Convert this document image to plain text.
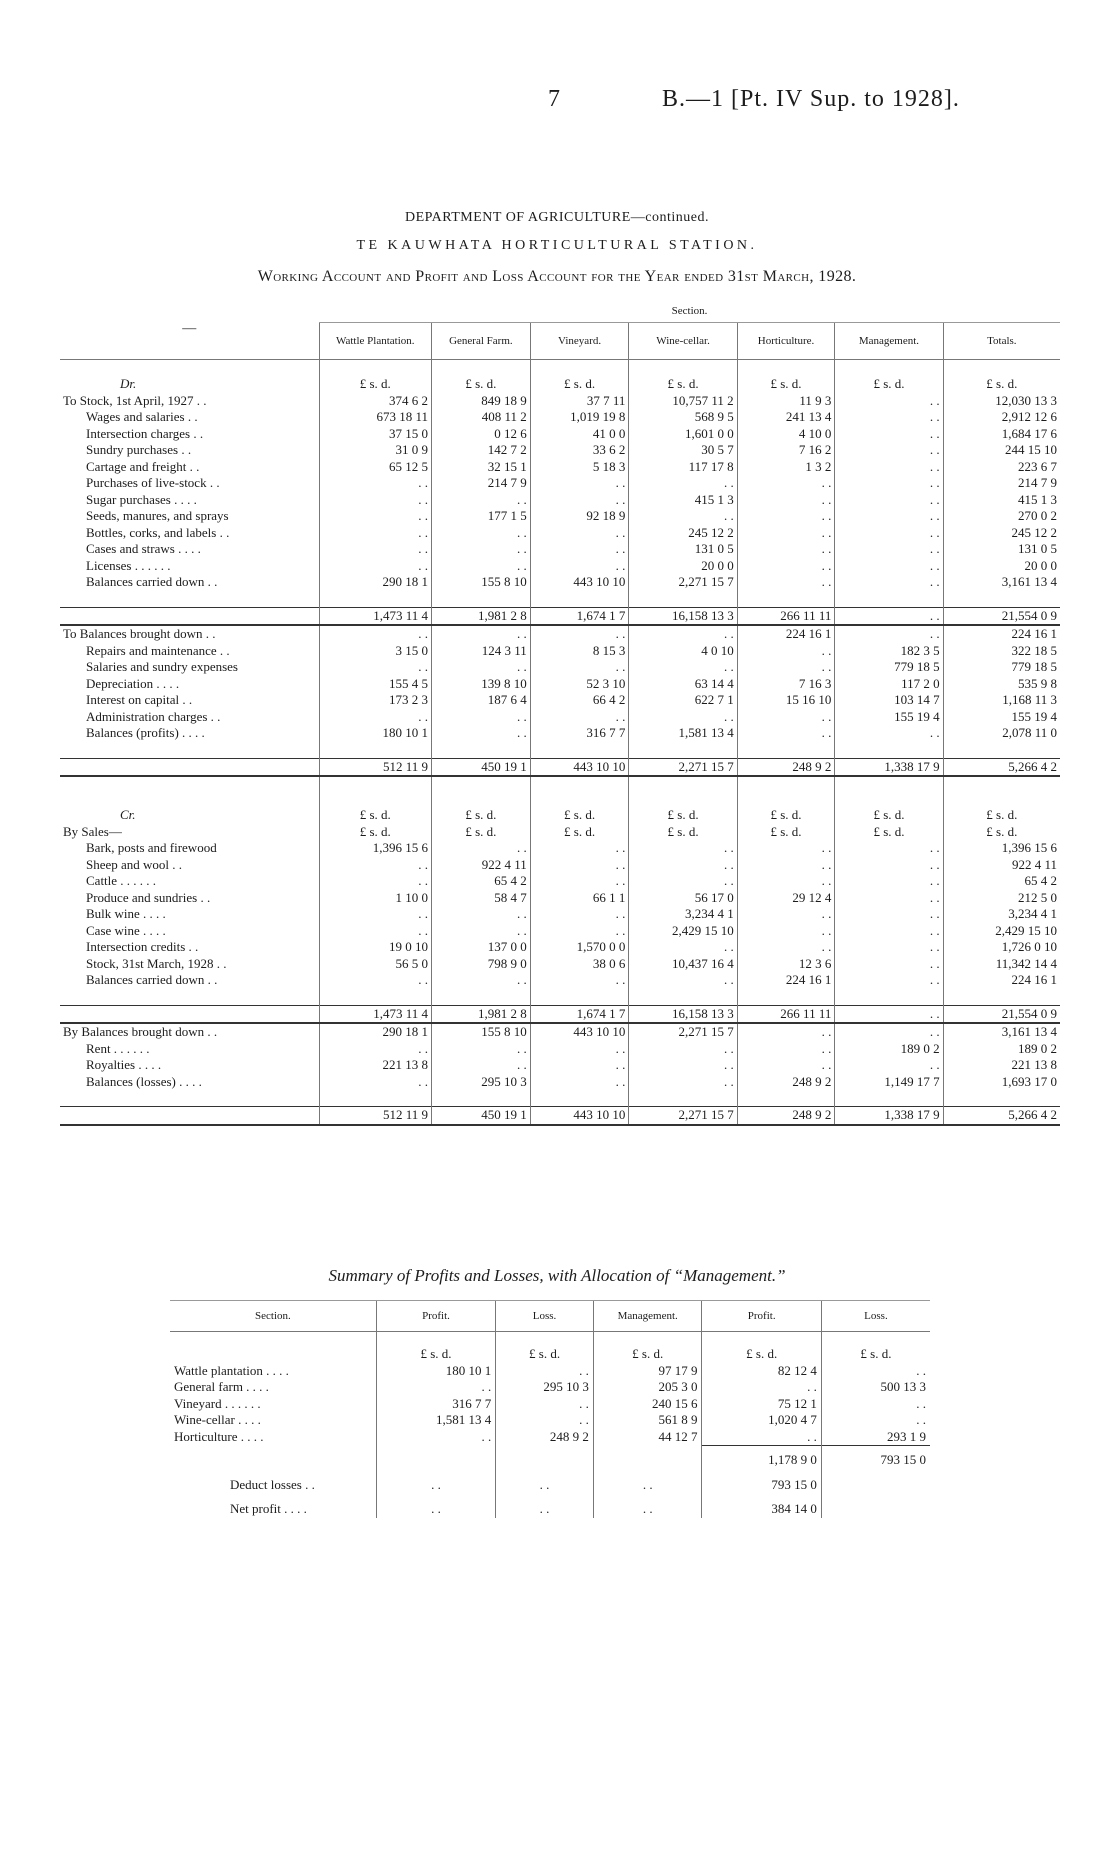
7	B.—1 [Pt. IV Sup. to 1928].
DEPARTMENT OF AGRICULTURE—continued.
TE KAUWHATA HORTICULTURAL STATION.
Working Account and Profit and Loss Account for the Year ended 31st March, 1928.
—	Section.						
	Wattle Plantation.	General Farm.	Vineyard.	Wine-cellar.	Horticulture.	Management.	Totals.

Dr.	£ s. d.	£ s. d.	£ s. d.	£ s. d.	£ s. d.	£ s. d.	£ s. d.
To Stock, 1st April, 1927 . .	374 6 2	849 18 9	37 7 11	10,757 11 2	11 9 3	. .	12,030 13 3
Wages and salaries . .	673 18 11	408 11 2	1,019 19 8	568 9 5	241 13 4	. .	2,912 12 6
Intersection charges . .	37 15 0	0 12 6	41 0 0	1,601 0 0	4 10 0	. .	1,684 17 6
Sundry purchases . .	31 0 9	142 7 2	33 6 2	30 5 7	7 16 2	. .	244 15 10
Cartage and freight . .	65 12 5	32 15 1	5 18 3	117 17 8	1 3 2	. .	223 6 7
Purchases of live-stock . .	. .	214 7 9	. .	. .	. .	. .	214 7 9
Sugar purchases . . . .	. .	. .	. .	415 1 3	. .	. .	415 1 3
Seeds, manures, and sprays	. .	177 1 5	92 18 9	. .	. .	. .	270 0 2
Bottles, corks, and labels . .	. .	. .	. .	245 12 2	. .	. .	245 12 2
Cases and straws . . . .	. .	. .	. .	131 0 5	. .	. .	131 0 5
Licenses . . . . . .	. .	. .	. .	20 0 0	. .	. .	20 0 0
Balances carried down . .	290 18 1	155 8 10	443 10 10	2,271 15 7	. .	. .	3,161 13 4

	1,473 11 4	1,981 2 8	1,674 1 7	16,158 13 3	266 11 11	. .	21,554 0 9
To Balances brought down . .	. .	. .	. .	. .	224 16 1	. .	224 16 1
Repairs and maintenance . .	3 15 0	124 3 11	8 15 3	4 0 10	. .	182 3 5	322 18 5
Salaries and sundry expenses	. .	. .	. .	. .	. .	779 18 5	779 18 5
Depreciation . . . .	155 4 5	139 8 10	52 3 10	63 14 4	7 16 3	117 2 0	535 9 8
Interest on capital . .	173 2 3	187 6 4	66 4 2	622 7 1	15 16 10	103 14 7	1,168 11 3
Administration charges . .	. .	. .	. .	. .	. .	155 19 4	155 19 4
Balances (profits) . . . .	180 10 1	. .	316 7 7	1,581 13 4	. .	. .	2,078 11 0

	512 11 9	450 19 1	443 10 10	2,271 15 7	248 9 2	1,338 17 9	5,266 4 2

Cr.	£ s. d.	£ s. d.	£ s. d.	£ s. d.	£ s. d.	£ s. d.	£ s. d.
By Sales—	£ s. d.	£ s. d.	£ s. d.	£ s. d.	£ s. d.	£ s. d.	£ s. d.
Bark, posts and firewood	1,396 15 6	. .	. .	. .	. .	. .	1,396 15 6
Sheep and wool . .	. .	922 4 11	. .	. .	. .	. .	922 4 11
Cattle . . . . . .	. .	65 4 2	. .	. .	. .	. .	65 4 2
Produce and sundries . .	1 10 0	58 4 7	66 1 1	56 17 0	29 12 4	. .	212 5 0
Bulk wine . . . .	. .	. .	. .	3,234 4 1	. .	. .	3,234 4 1
Case wine . . . .	. .	. .	. .	2,429 15 10	. .	. .	2,429 15 10
Intersection credits . .	19 0 10	137 0 0	1,570 0 0	. .	. .	. .	1,726 0 10
Stock, 31st March, 1928 . .	56 5 0	798 9 0	38 0 6	10,437 16 4	12 3 6	. .	11,342 14 4
Balances carried down . .	. .	. .	. .	. .	224 16 1	. .	224 16 1

	1,473 11 4	1,981 2 8	1,674 1 7	16,158 13 3	266 11 11	. .	21,554 0 9
By Balances brought down . .	290 18 1	155 8 10	443 10 10	2,271 15 7	. .	. .	3,161 13 4
Rent . . . . . .	. .	. .	. .	. .	. .	189 0 2	189 0 2
Royalties . . . .	221 13 8	. .	. .	. .	. .	. .	221 13 8
Balances (losses) . . . .	. .	295 10 3	. .	. .	248 9 2	1,149 17 7	1,693 17 0

	512 11 9	450 19 1	443 10 10	2,271 15 7	248 9 2	1,338 17 9	5,266 4 2
Summary of Profits and Losses, with Allocation of “Management.”
Section.	Profit.	Loss.	Management.	Profit.	Loss.
	£ s. d.	£ s. d.	£ s. d.	£ s. d.	£ s. d.
Wattle plantation . . . .	180 10 1	. .	97 17 9	82 12 4	. .
General farm . . . .	. .	295 10 3	205 3 0	. .	500 13 3
Vineyard . . . . . .	316 7 7	. .	240 15 6	75 12 1	. .
Wine-cellar . . . .	1,581 13 4	. .	561 8 9	1,020 4 7	. .
Horticulture . . . .	. .	248 9 2	44 12 7	. .	293 1 9
				1,178 9 0	793 15 0
Deduct losses . .	. .	. .	. .	793 15 0	
Net profit . . . .	. .	. .	. .	384 14 0	
